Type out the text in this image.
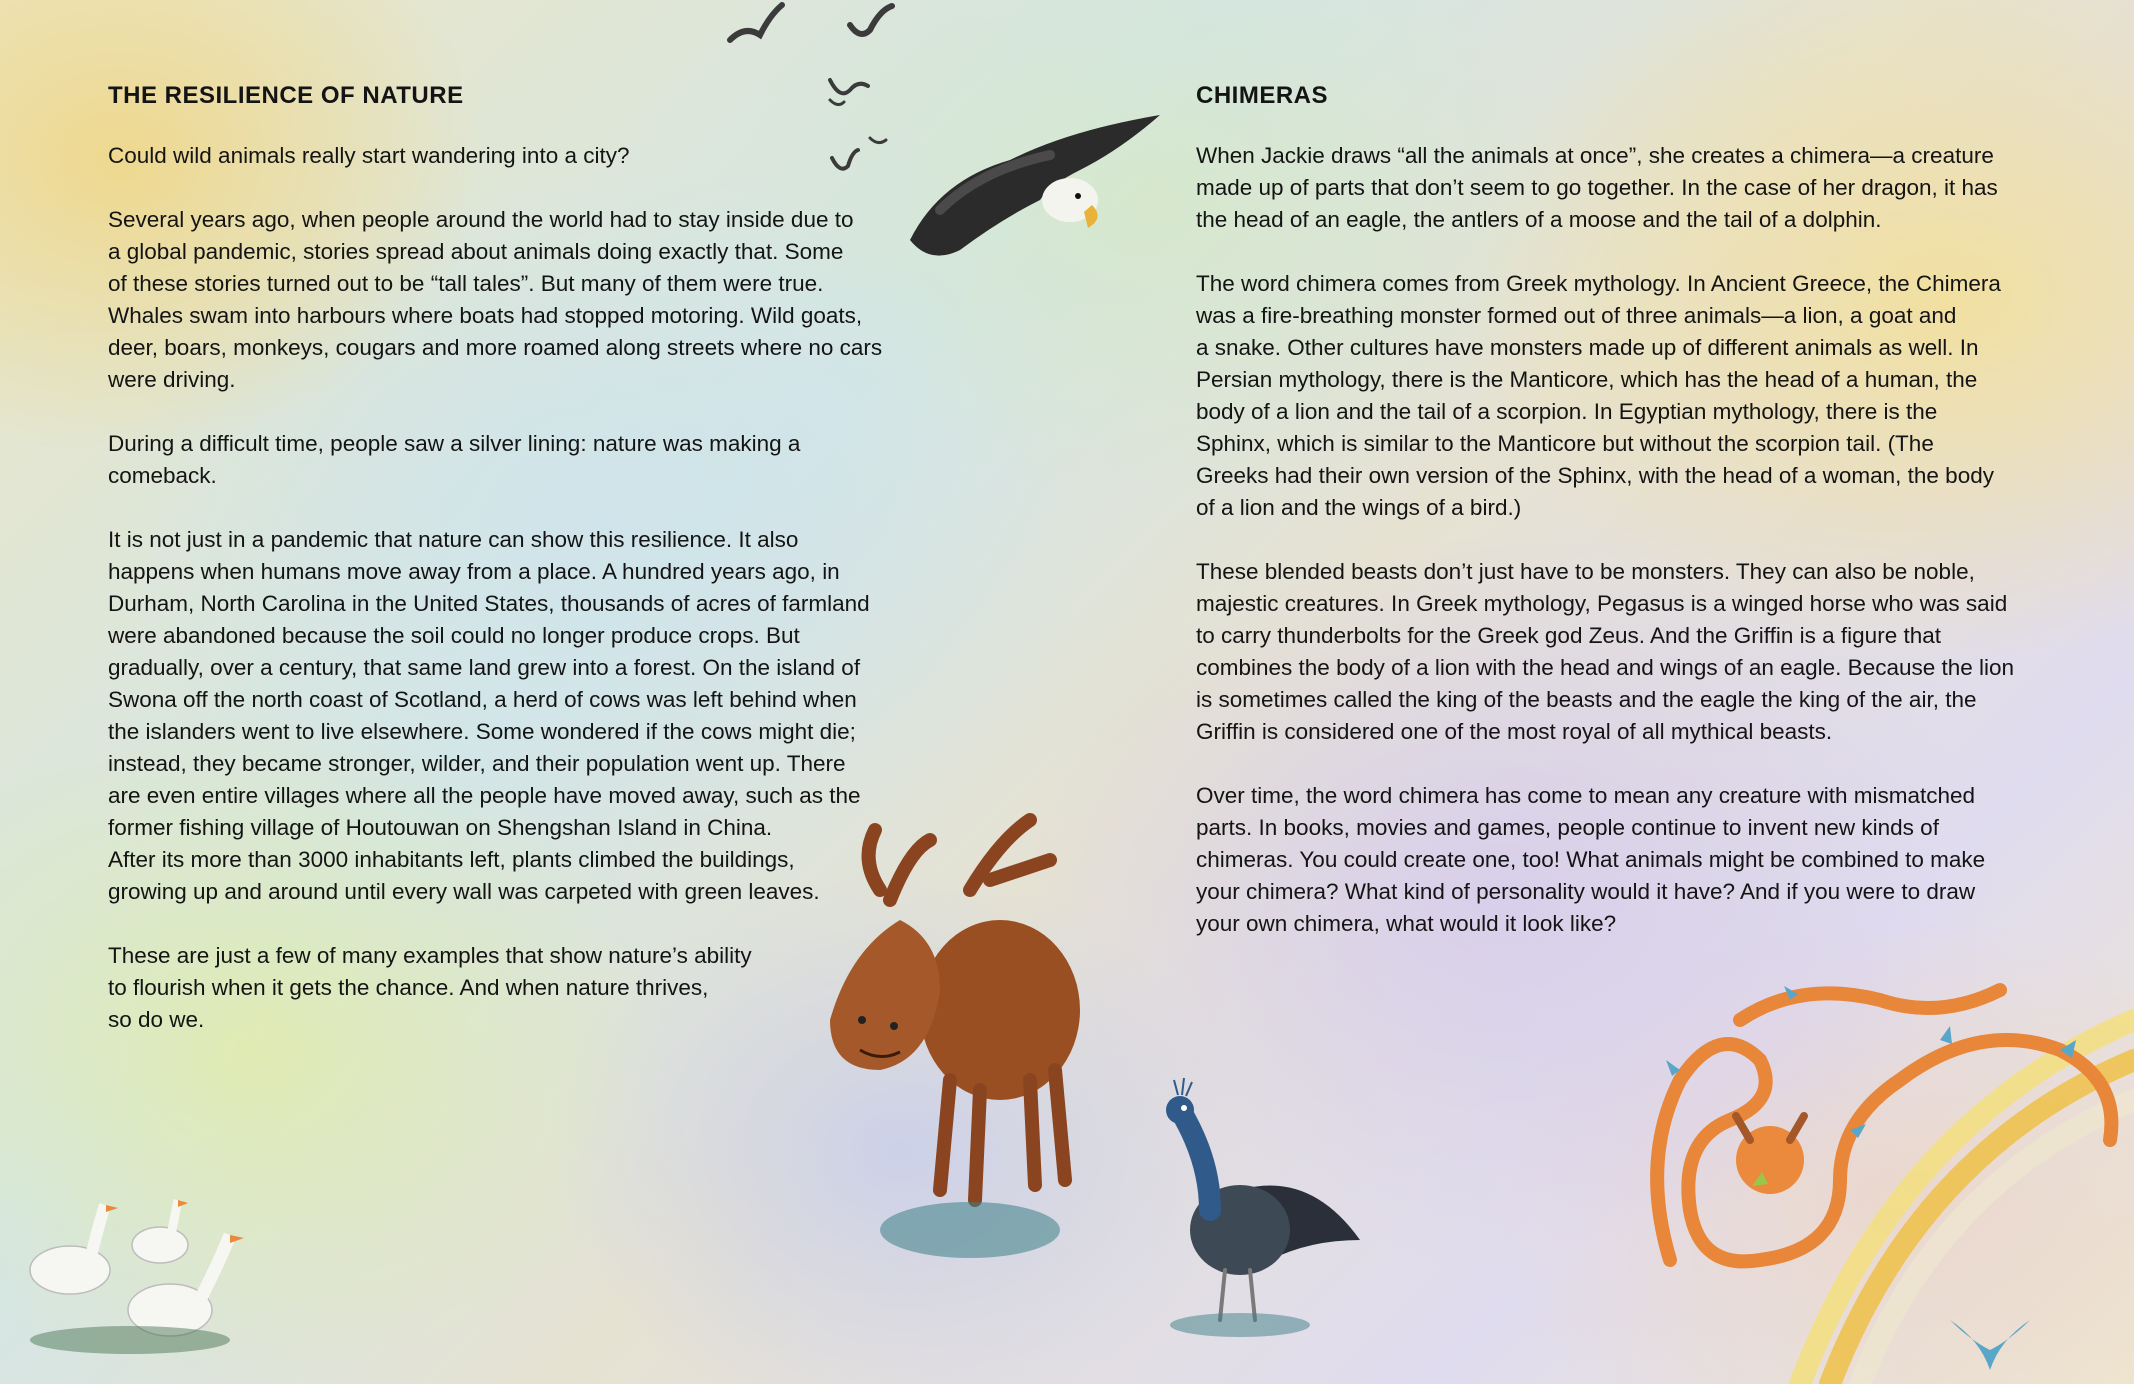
THE RESILIENCE OF NATURE

Could wild animals really start wandering into a city?

Several years ago, when people around the world had to stay inside due to
a global pandemic, stories spread about animals doing exactly that. Some
of these stories turned out to be “tall tales”. But many of them were true.
Whales swam into harbours where boats had stopped motoring. Wild goats,
deer, boars, monkeys, cougars and more roamed along streets where no cars
were driving.

During a difficult time, people saw a silver lining: nature was making a
comeback.

It is not just in a pandemic that nature can show this resilience. It also
happens when humans move away from a place. A hundred years ago, in
Durham, North Carolina in the United States, thousands of acres of farmland
were abandoned because the soil could no longer produce crops. But
gradually, over a century, that same land grew into a forest. On the island of
Swona off the north coast of Scotland, a herd of cows was left behind when
the islanders went to live elsewhere. Some wondered if the cows might die;
instead, they became stronger, wilder, and their population went up. There
are even entire villages where all the people have moved away, such as the
former fishing village of Houtouwan on Shengshan Island in China.
After its more than 3000 inhabitants left, plants climbed the buildings,
growing up and around until every wall was carpeted with green leaves.

These are just a few of many examples that show nature’s ability
to flourish when it gets the chance. And when nature thrives,
so do we.

CHIMERAS

When Jackie draws “all the animals at once”, she creates a chimera—a creature
made up of parts that don’t seem to go together. In the case of her dragon, it has
the head of an eagle, the antlers of a moose and the tail of a dolphin.

The word chimera comes from Greek mythology. In Ancient Greece, the Chimera
was a fire-breathing monster formed out of three animals—a lion, a goat and
a snake. Other cultures have monsters made up of different animals as well. In
Persian mythology, there is the Manticore, which has the head of a human, the
body of a lion and the tail of a scorpion. In Egyptian mythology, there is the
Sphinx, which is similar to the Manticore but without the scorpion tail. (The
Greeks had their own version of the Sphinx, with the head of a woman, the body
of a lion and the wings of a bird.)

These blended beasts don’t just have to be monsters. They can also be noble,
majestic creatures. In Greek mythology, Pegasus is a winged horse who was said
to carry thunderbolts for the Greek god Zeus. And the Griffin is a figure that
combines the body of a lion with the head and wings of an eagle. Because the lion
is sometimes called the king of the beasts and the eagle the king of the air, the
Griffin is considered one of the most royal of all mythical beasts.

Over time, the word chimera has come to mean any creature with mismatched
parts. In books, movies and games, people continue to invent new kinds of
chimeras. You could create one, too! What animals might be combined to make
your chimera? What kind of personality would it have? And if you were to draw
your own chimera, what would it look like?
